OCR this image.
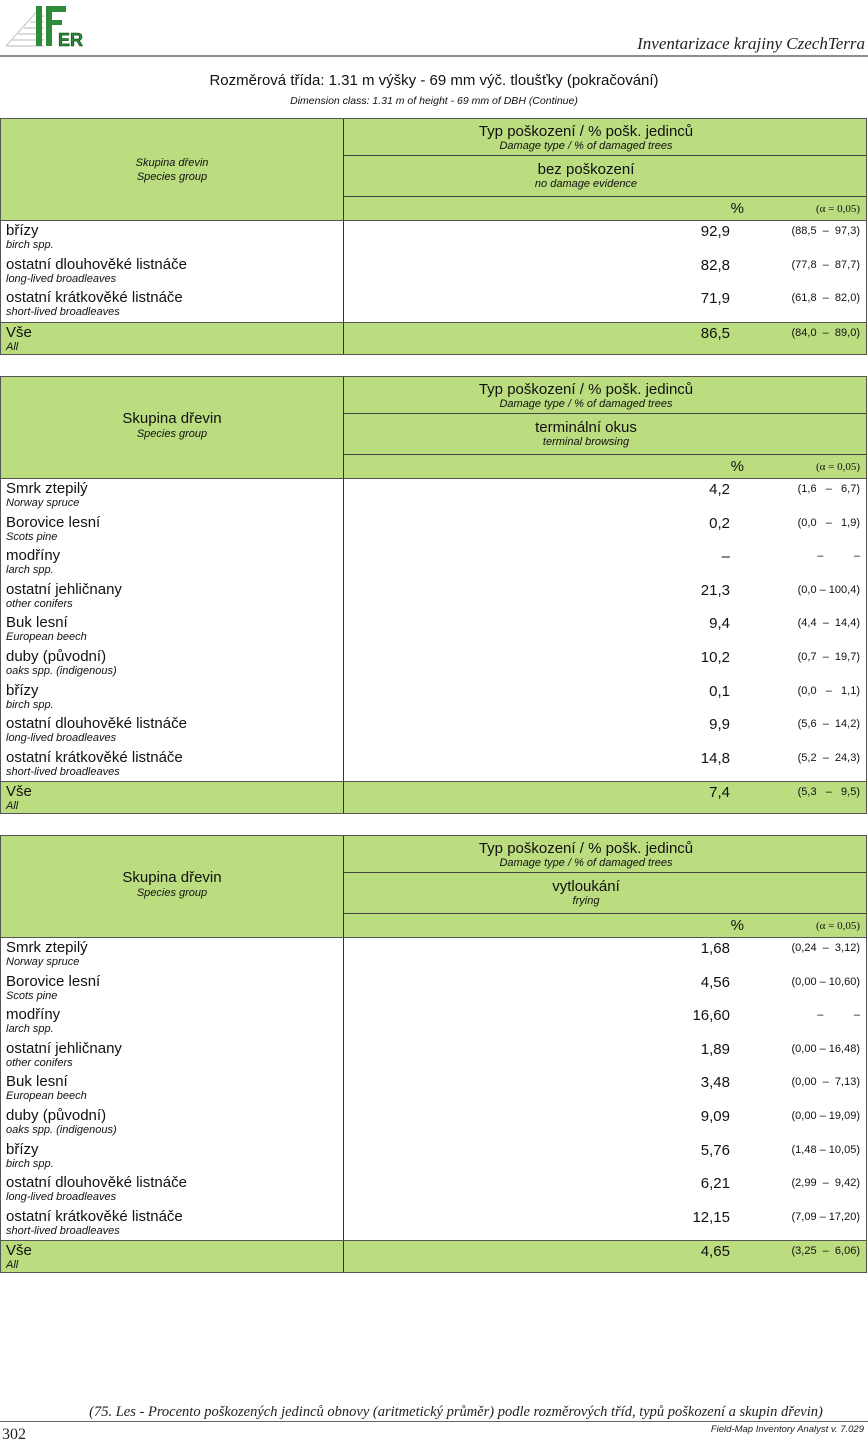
ER	Inventarizace krajiny CzechTerra
Rozměrová třída: 1.31 m výšky - 69 mm výč. tloušťky (pokračování)
Dimension class: 1.31 m of height - 69 mm of DBH (Continue)
Skupina dřevin
Species group
Typ poškození / % pošk. jedinců
Damage type / % of damaged trees
bez poškození
no damage evidence
%	(α = 0,05)
břízy
birch spp.
92,9	(88,5  –  97,3)
ostatní dlouhověké listnáče
long-lived broadleaves
82,8	(77,8  –  87,7)
ostatní krátkověké listnáče
short-lived broadleaves
71,9	(61,8  –  82,0)
Vše
All
86,5	(84,0  –  89,0)
Skupina dřevin
Species group
Typ poškození / % pošk. jedinců
Damage type / % of damaged trees
terminální okus
terminal browsing
%	(α = 0,05)
Smrk ztepilý
Norway spruce
4,2	(1,6   –   6,7)
Borovice lesní
Scots pine
0,2	(0,0   –   1,9)
modříny
larch spp.
–	–          –
ostatní jehličnany
other conifers
21,3	(0,0 – 100,4)
Buk lesní
European beech
9,4	(4,4  –  14,4)
duby (původní)
oaks spp. (indigenous)
10,2	(0,7  –  19,7)
břízy
birch spp.
0,1	(0,0   –   1,1)
ostatní dlouhověké listnáče
long-lived broadleaves
9,9	(5,6  –  14,2)
ostatní krátkověké listnáče
short-lived broadleaves
14,8	(5,2  –  24,3)
Vše
All
7,4	(5,3   –   9,5)
Skupina dřevin
Species group
Typ poškození / % pošk. jedinců
Damage type / % of damaged trees
vytloukání
frying
%	(α = 0,05)
Smrk ztepilý
Norway spruce
1,68	(0,24  –  3,12)
Borovice lesní
Scots pine
4,56	(0,00 – 10,60)
modříny
larch spp.
16,60	–          –
ostatní jehličnany
other conifers
1,89	(0,00 – 16,48)
Buk lesní
European beech
3,48	(0,00  –  7,13)
duby (původní)
oaks spp. (indigenous)
9,09	(0,00 – 19,09)
břízy
birch spp.
5,76	(1,48 – 10,05)
ostatní dlouhověké listnáče
long-lived broadleaves
6,21	(2,99  –  9,42)
ostatní krátkověké listnáče
short-lived broadleaves
12,15	(7,09 – 17,20)
Vše
All
4,65	(3,25  –  6,06)
(75. Les - Procento poškozených jedinců obnovy (aritmetický průměr) podle rozměrových tříd, typů poškození a skupin dřevin)
302	Field-Map Inventory Analyst v. 7.029
